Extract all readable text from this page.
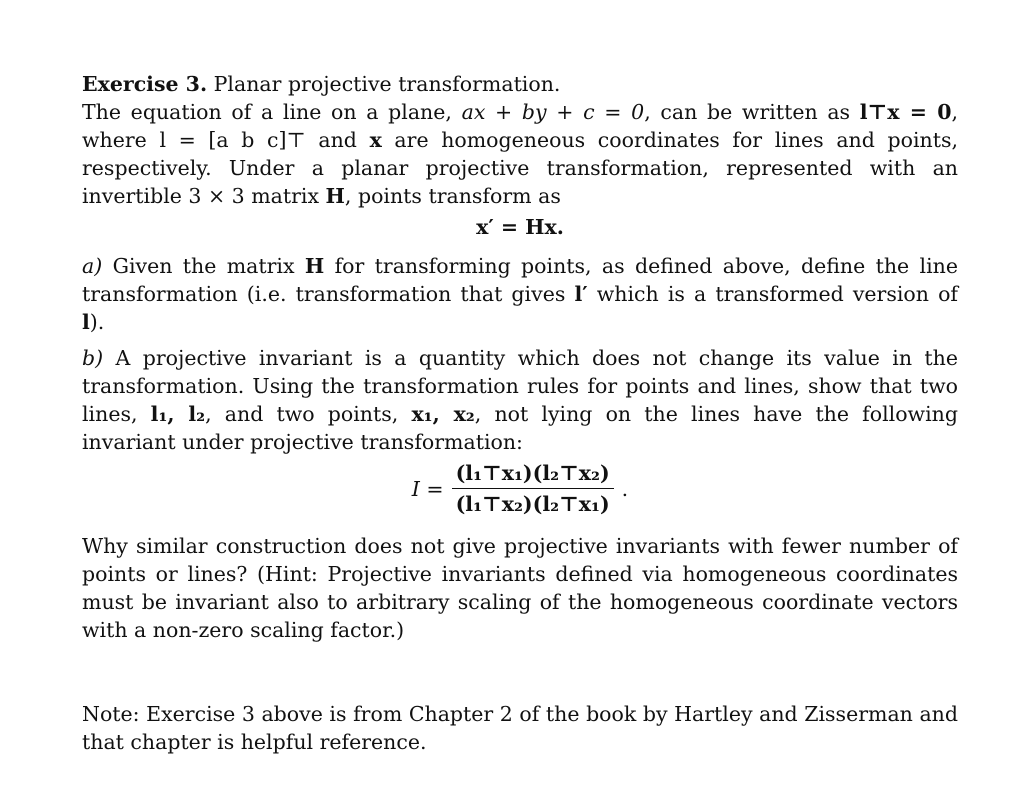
Exercise 3. Planar projective transformation.
The equation of a line on a plane, ax + by + c = 0, can be written as l⊤x = 0, where l = [a b c]⊤ and x are homogeneous coordinates for lines and points, respectively. Under a planar projective transformation, represented with an invertible 3 × 3 matrix H, points transform as

x′ = Hx.

a) Given the matrix H for transforming points, as defined above, define the line transformation (i.e. transformation that gives l′ which is a transformed version of l).

b) A projective invariant is a quantity which does not change its value in the transformation. Using the transformation rules for points and lines, show that two lines, l₁, l₂, and two points, x₁, x₂, not lying on the lines have the following invariant under projective transformation:

$I = \frac{\text{(l₁⊤x₁)(l₂⊤x₂)}}{\text{(l₁⊤x₂)(l₂⊤x₁)}}$ .

Why similar construction does not give projective invariants with fewer number of points or lines? (Hint: Projective invariants defined via homogeneous coordinates must be invariant also to arbitrary scaling of the homogeneous coordinate vectors with a non-zero scaling factor.)

Note: Exercise 3 above is from Chapter 2 of the book by Hartley and Zisserman and that chapter is helpful reference.
